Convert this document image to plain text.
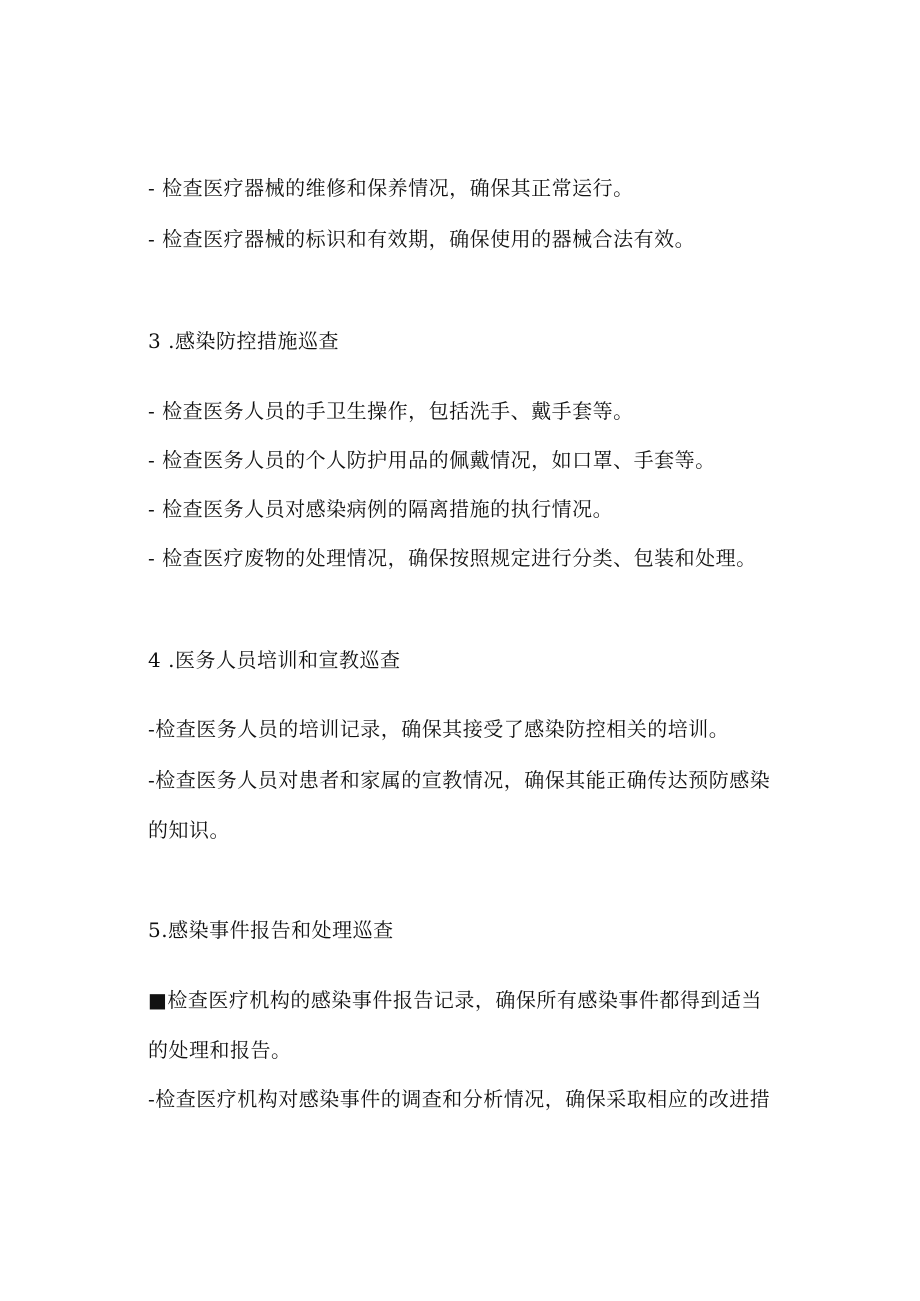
- 检查医疗器械的维修和保养情况，确保其正常运行。
- 检查医疗器械的标识和有效期，确保使用的器械合法有效。
3 .感染防控措施巡查
- 检查医务人员的手卫生操作，包括洗手、戴手套等。
- 检查医务人员的个人防护用品的佩戴情况，如口罩、手套等。
- 检查医务人员对感染病例的隔离措施的执行情况。
- 检查医疗废物的处理情况，确保按照规定进行分类、包装和处理。
4 .医务人员培训和宣教巡查
-检查医务人员的培训记录，确保其接受了感染防控相关的培训。
-检查医务人员对患者和家属的宣教情况，确保其能正确传达预防感染
的知识。
5.感染事件报告和处理巡查
■检查医疗机构的感染事件报告记录，确保所有感染事件都得到适当
的处理和报告。
-检查医疗机构对感染事件的调查和分析情况，确保采取相应的改进措
